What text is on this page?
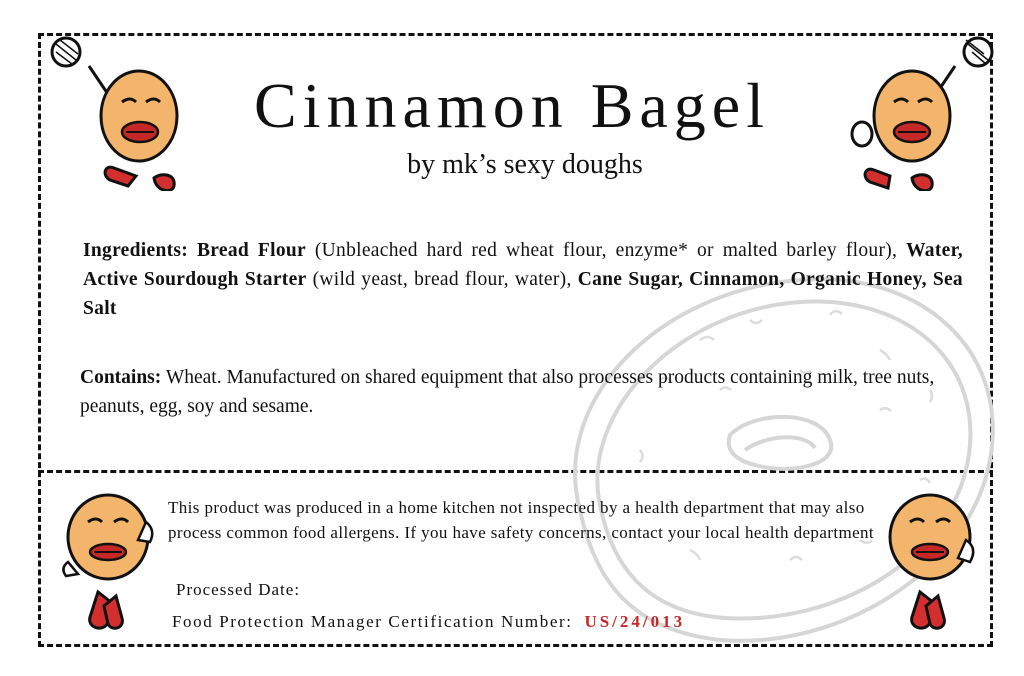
Cinnamon Bagel
by mk’s sexy doughs
Ingredients: Bread Flour (Unbleached hard red wheat flour, enzyme* or malted barley flour), Water, Active Sourdough Starter (wild yeast, bread flour, water), Cane Sugar, Cinnamon, Organic Honey, Sea Salt
Contains: Wheat. Manufactured on shared equipment that also processes products containing milk, tree nuts, peanuts, egg, soy and sesame.
This product was produced in a home kitchen not inspected by a health department that may also process common food allergens. If you have safety concerns, contact your local health department
Processed Date:
Food Protection Manager Certification Number: US/24/013
